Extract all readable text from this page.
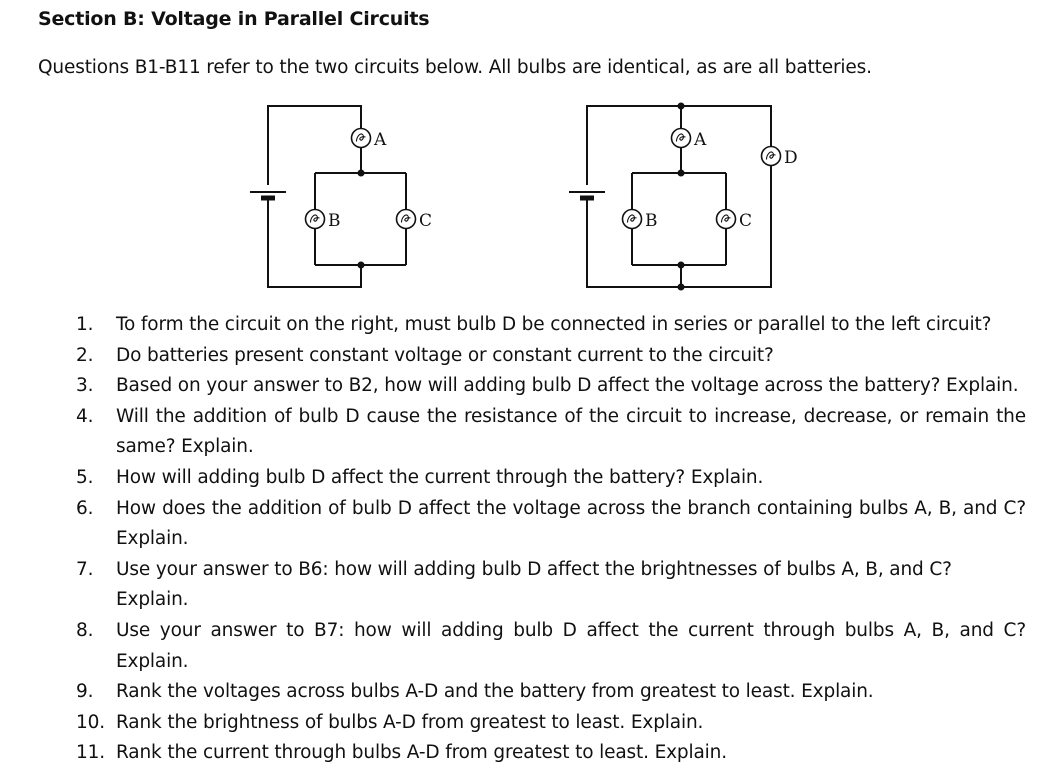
Section B: Voltage in Parallel Circuits
Questions B1-B11 refer to the two circuits below. All bulbs are identical, as are all batteries.
A
B	C
A
B	C
D
1. To form the circuit on the right, must bulb D be connected in series or parallel to the left circuit?
2. Do batteries present constant voltage or constant current to the circuit?
3. Based on your answer to B2, how will adding bulb D affect the voltage across the battery? Explain.
4. Will the addition of bulb D cause the resistance of the circuit to increase, decrease, or remain the same? Explain.
5. How will adding bulb D affect the current through the battery? Explain.
6. How does the addition of bulb D affect the voltage across the branch containing bulbs A, B, and C? Explain.
7. Use your answer to B6: how will adding bulb D affect the brightnesses of bulbs A, B, and C? Explain.
8. Use your answer to B7: how will adding bulb D affect the current through bulbs A, B, and C? Explain.
9. Rank the voltages across bulbs A-D and the battery from greatest to least. Explain.
10. Rank the brightness of bulbs A-D from greatest to least. Explain.
11. Rank the current through bulbs A-D from greatest to least. Explain.
